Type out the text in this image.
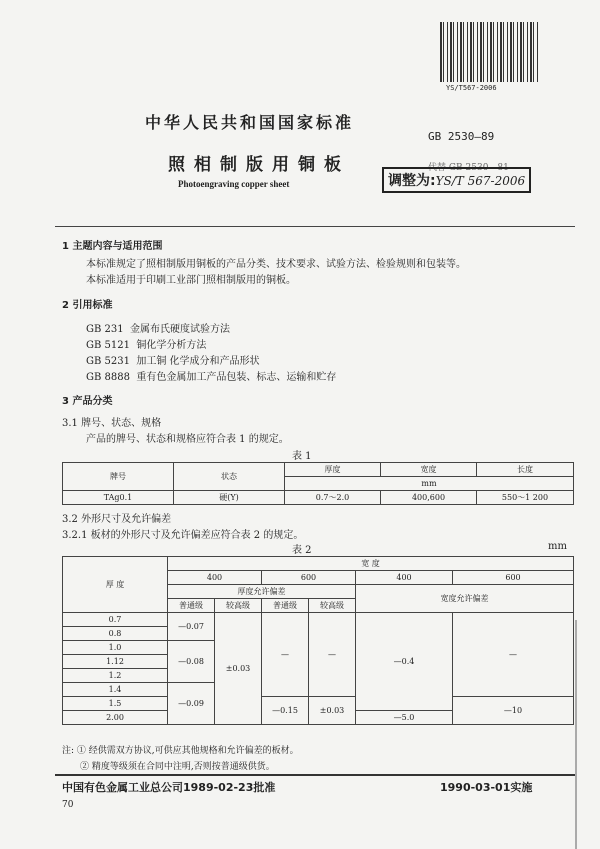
YS/T567-2006
中华人民共和国国家标准
GB 2530—89
照相制版用铜板	代替 GB 2530—81
调整为:YS/T 567-2006
Photoengraving copper sheet
1 主题内容与适用范围
本标准规定了照相制版用铜板的产品分类、技术要求、试验方法、检验规则和包装等。
本标准适用于印刷工业部门照相制版用的铜板。
2 引用标准
GB 231 金属布氏硬度试验方法
GB 5121 铜化学分析方法
GB 5231 加工铜 化学成分和产品形状
GB 8888 重有色金属加工产品包装、标志、运输和贮存
3 产品分类
3.1 牌号、状态、规格
产品的牌号、状态和规格应符合表 1 的规定。
表 1
牌号	状态	厚度	宽度	长度
		mm		
TAg0.1	硬(Y)	0.7～2.0	400,600	550～1 200
3.2 外形尺寸及允许偏差
3.2.1 板材的外形尺寸及允许偏差应符合表 2 的规定。
表 2	mm
厚 度	宽 度					
	400		600		400	600
	厚度允许偏差				宽度允许偏差	
	普通级	较高级	普通级	较高级		
0.7	—0.07	±0.03	—	—	—0.4	—
0.8						
1.0	—0.08					
1.12						
1.2						
1.4	—0.09					
1.5			—0.15	±0.03		—10
2.00					—5.0	
注: ① 经供需双方协议,可供应其他规格和允许偏差的板材。
② 精度等级须在合同中注明,否则按普通级供货。
中国有色金属工业总公司1989-02-23批准	1990-03-01实施
70
